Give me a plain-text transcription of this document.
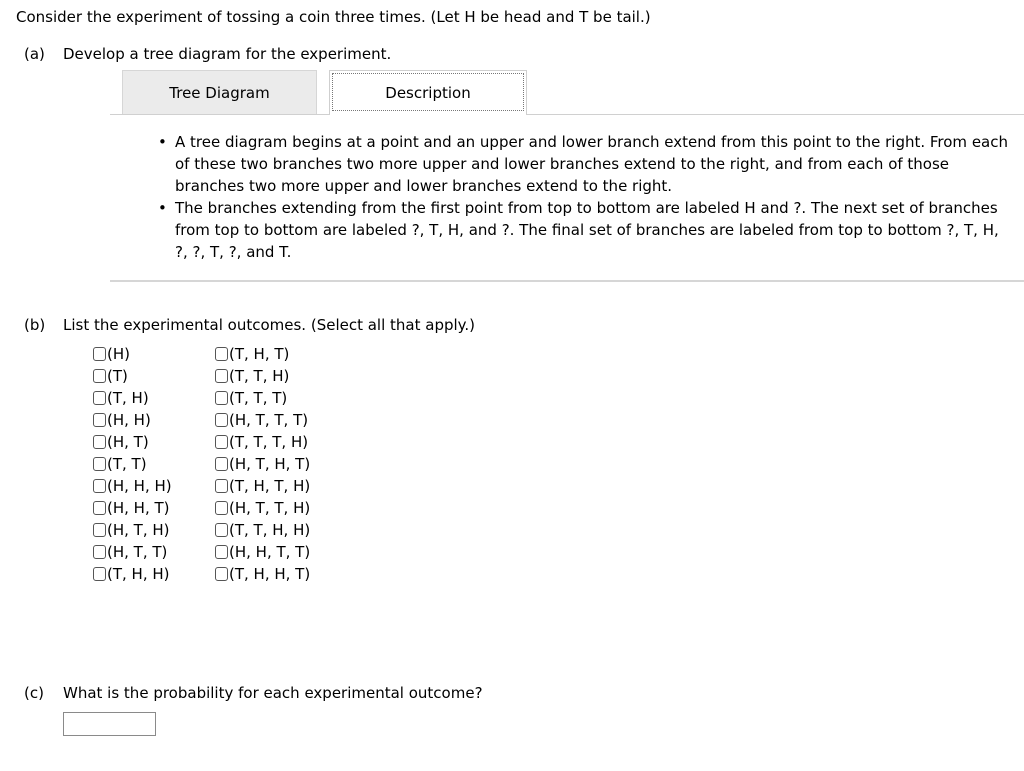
Consider the experiment of tossing a coin three times. (Let H be head and T be tail.)
(a) Develop a tree diagram for the experiment.
Tree Diagram	Description
• A tree diagram begins at a point and an upper and lower branch extend from this point to the right. From each of these two branches two more upper and lower branches extend to the right, and from each of those branches two more upper and lower branches extend to the right.
• The branches extending from the first point from top to bottom are labeled H and ?. The next set of branches from top to bottom are labeled ?, T, H, and ?. The final set of branches are labeled from top to bottom ?, T, H, ?, ?, T, ?, and T.
(b) List the experimental outcomes. (Select all that apply.)
(H)
(T)
(T, H)
(H, H)
(H, T)
(T, T)
(H, H, H)
(H, H, T)
(H, T, H)
(H, T, T)
(T, H, H)
(T, H, T)
(T, T, H)
(T, T, T)
(H, T, T, T)
(T, T, T, H)
(H, T, H, T)
(T, H, T, H)
(H, T, T, H)
(T, T, H, H)
(H, H, T, T)
(T, H, H, T)
(c) What is the probability for each experimental outcome?
